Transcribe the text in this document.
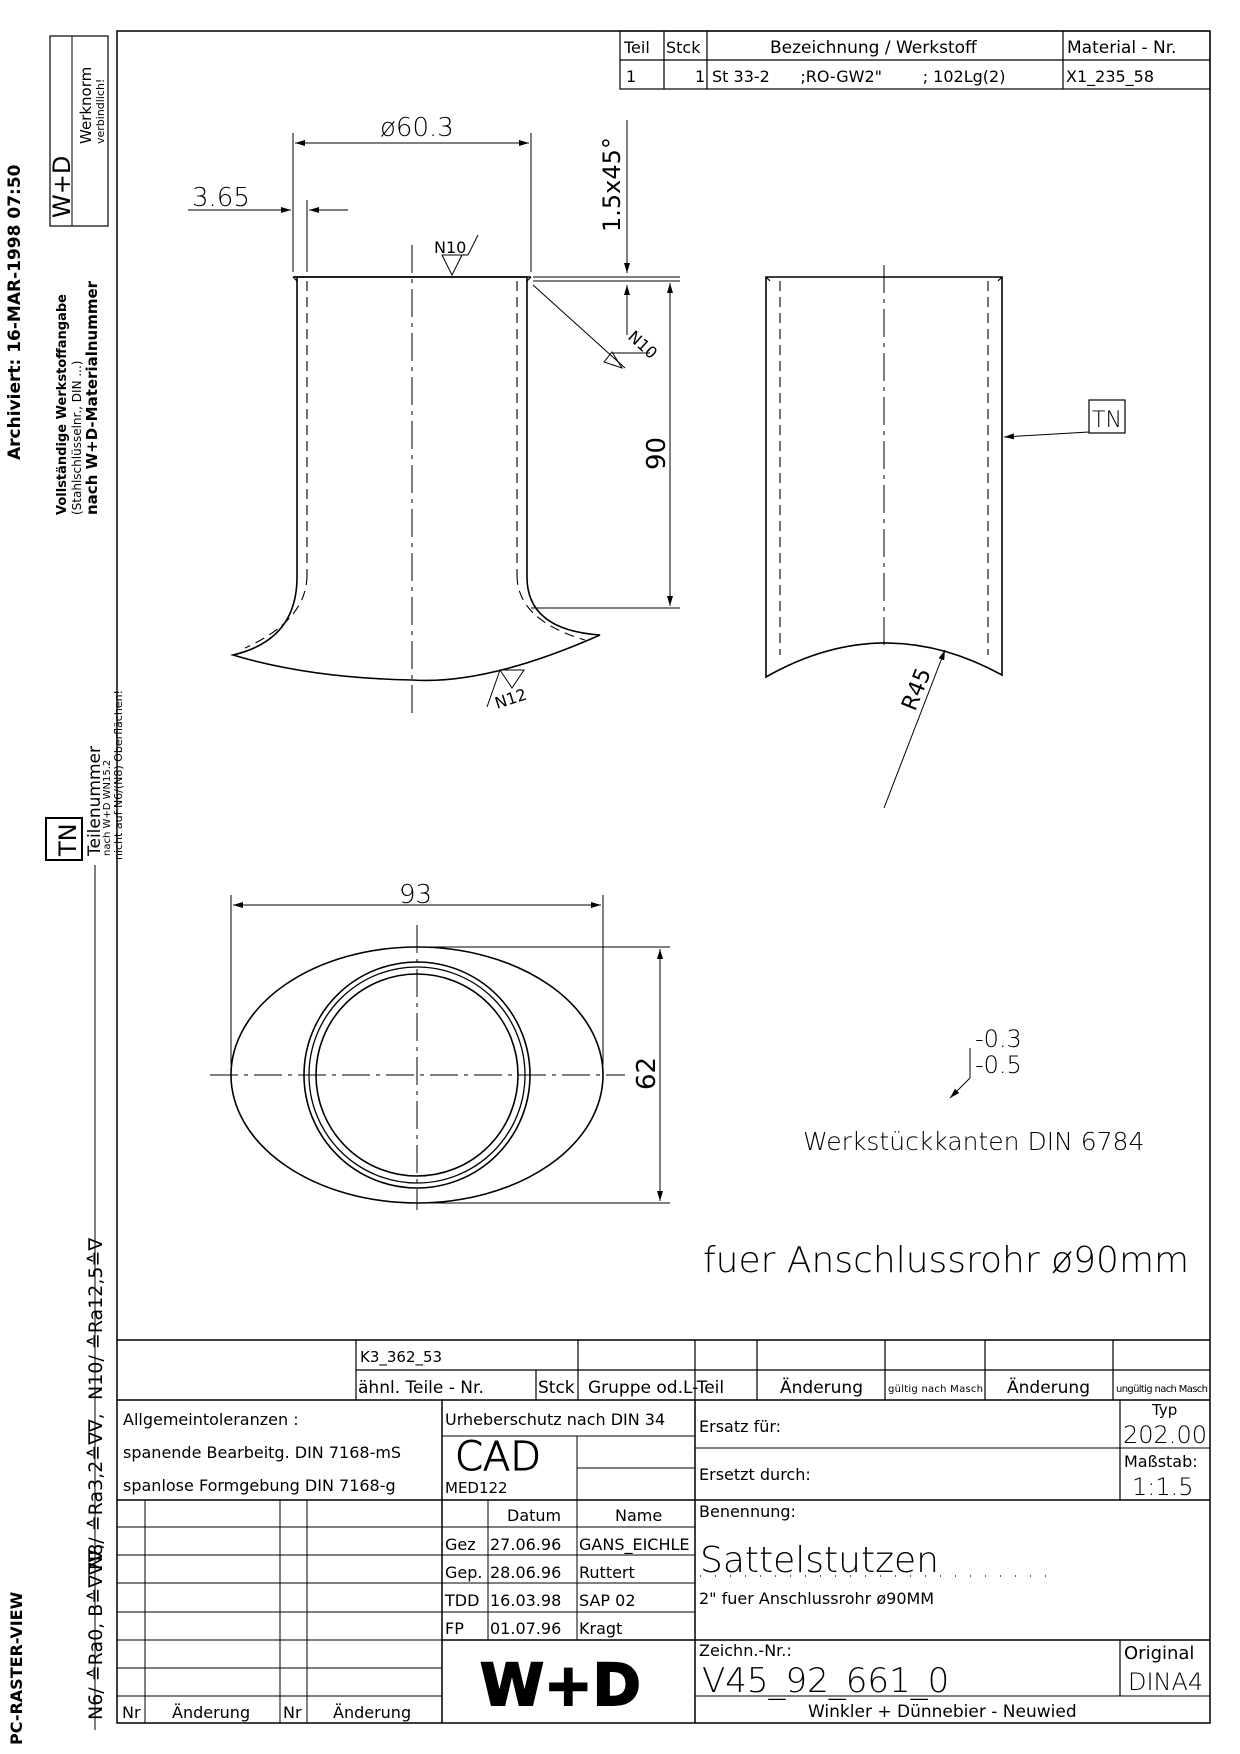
Archiviert: 16-MAR-1998 07:50 W+D
Werknorm verbindlich!
Vollständige Werkstoffangabe (Stahlschlüsselnr., DIN ...) nach W+D-Materialnummer
TN Teilenummer
nach W+D WN15.2 nicht auf N6/(N8) Oberflächen!
N10/ ≙Ra12,5≙∇
N8/ ≙Ra3,2≙∇∇,
N6/ ≙Ra0, B≙∇∇∇,
PC-RASTER-VIEW
Teil Stck	Bezeichnung / Werkstoff	Material - Nr.
1	1 St 33-2      ;RO-GW2"        ; 102Lg(2)	X1_235_58
ø60.3
3.65	1.5x45°
90
N10
N10
N12
TN
R45
93
62
-0.3
-0.5
Werkstückkanten DIN 6784
fuer Anschlussrohr ø90mm
K3_362_53
ähnl. Teile - Nr.	Stck Gruppe od.L-Teil	Änderung	gültig nach Masch Änderung	ungültig nach Masch
Allgemeintoleranzen :
spanende Bearbeitg. DIN 7168-mS
spanlose Formgebung DIN 7168-g
Urheberschutz nach DIN 34
CAD
MED122
Ersatz für:
Ersetzt durch:
Typ
202.00
Maßstab:
1:1.5
Datum	Name
Gez 27.06.96 GANS_EICHLE
Gep. 28.06.96 Ruttert
TDD 16.03.98 SAP 02
FP 01.07.96 Kragt
Benennung:
Sattelstutzen
2" fuer Anschlussrohr ø90MM
Zeichn.-Nr.:
V45_92_661_0
Original
DINA4
Winkler + Dünnebier - Neuwied
W+D
Nr Änderung Nr Änderung
